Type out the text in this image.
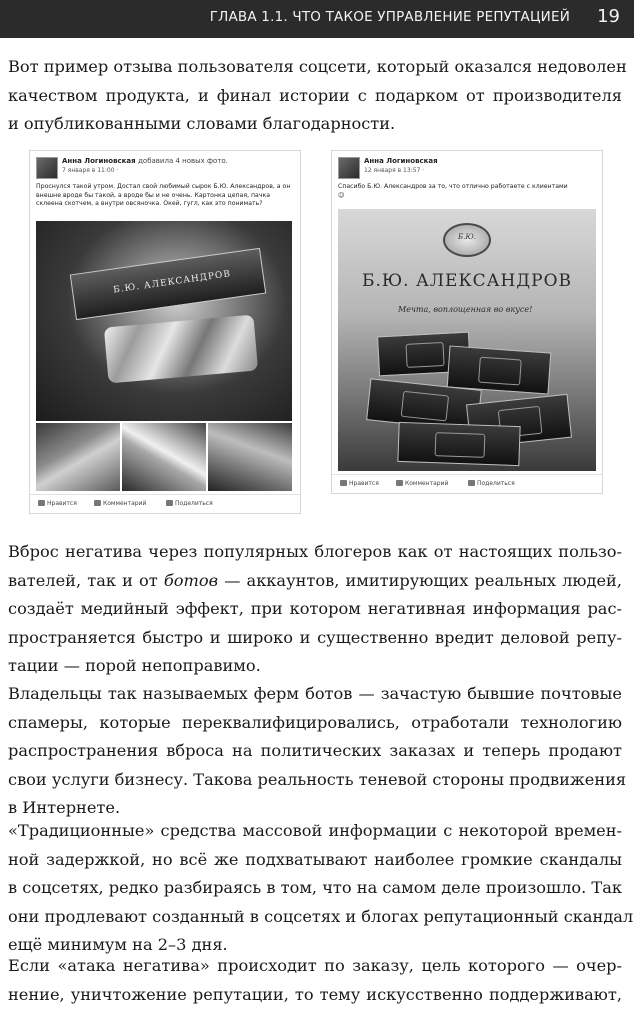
ГЛАВА 1.1. ЧТО ТАКОЕ УПРАВЛЕНИЕ РЕПУТАЦИЕЙ 19
Вот пример отзыва пользователя соцсети, который оказался недоволен
качеством продукта, и финал истории с подарком от производителя
и опубликованными словами благодарности.
Анна Логиновская добавила 4 новых фото.
7 января в 11:00 ·
Проснулся такой утром. Достал свой любимый сырок Б.Ю. Александров, а он внешне вроде бы такой, а вроде бы и не очень. Картонка цепая, пачка склеена скотчем, а внутри овсяночка. Окей, гугл, как это понимать?
Б.Ю. АЛЕКСАНДРОВ
Нравится	Комментарий	Поделиться
Анна Логиновская
12 января в 13:57 ·
Спасибо Б.Ю. Александров за то, что отлично работаете с клиентами
☺
Б.Ю.
Б.Ю. АЛЕКСАНДРОВ
Мечта, воплощенная во вкусе!
Нравится	Комментарий	Поделиться
Вброс негатива через популярных блогеров как от настоящих пользо-
вателей, так и от ботов — аккаунтов, имитирующих реальных людей,
создаёт медийный эффект, при котором негативная информация рас-
пространяется быстро и широко и существенно вредит деловой репу-
тации — порой непоправимо.
Владельцы так называемых ферм ботов — зачастую бывшие почтовые
спамеры, которые переквалифицировались, отработали технологию
распространения вброса на политических заказах и теперь продают
свои услуги бизнесу. Такова реальность теневой стороны продвижения
в Интернете.
«Традиционные» средства массовой информации с некоторой времен-
ной задержкой, но всё же подхватывают наиболее громкие скандалы
в соцсетях, редко разбираясь в том, что на самом деле произошло. Так
они продлевают созданный в соцсетях и блогах репутационный скандал
ещё минимум на 2–3 дня.
Если «атака негатива» происходит по заказу, цель которого — очер-
нение, уничтожение репутации, то тему искусственно поддерживают,
